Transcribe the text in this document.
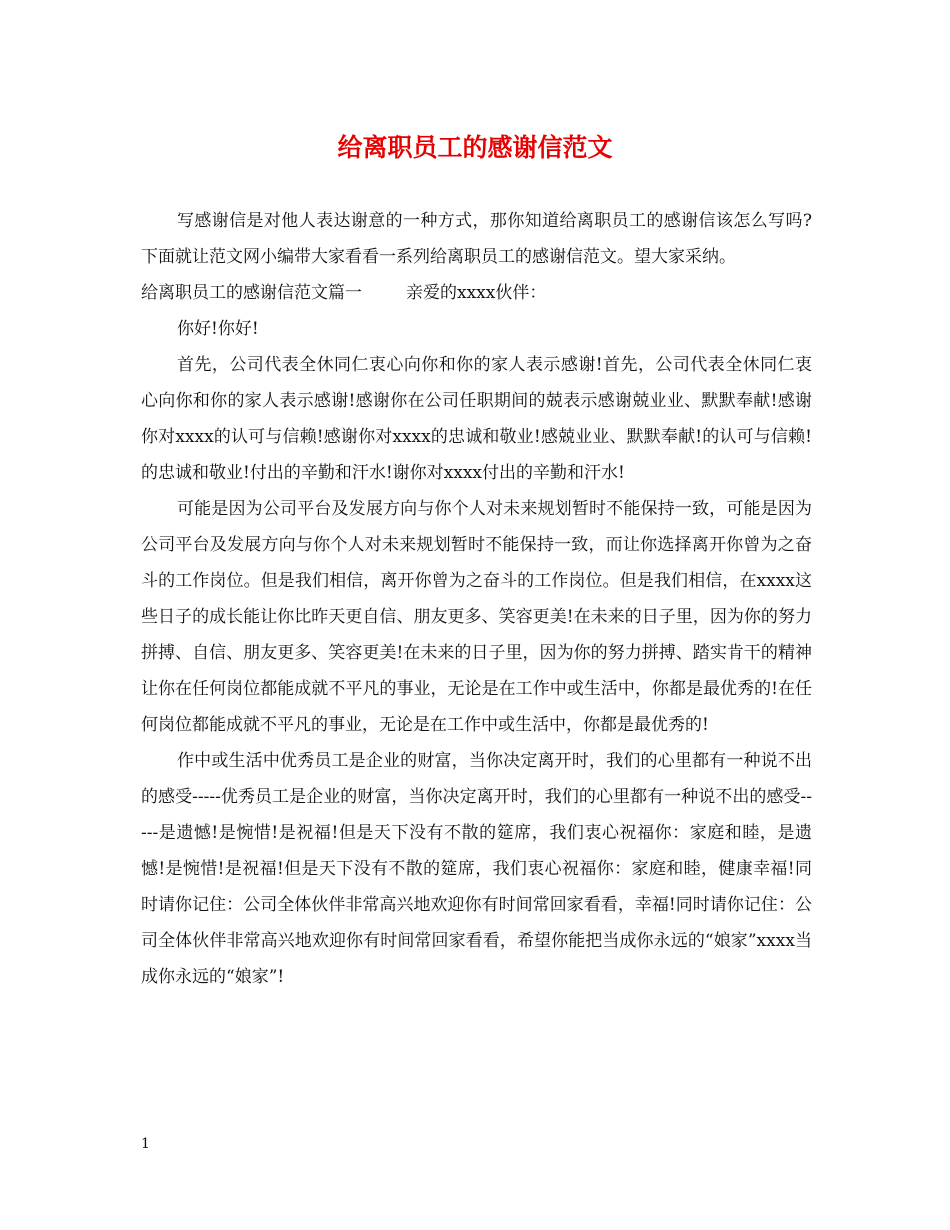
给离职员工的感谢信范文

写感谢信是对他人表达谢意的一种方式，那你知道给离职员工的感谢信该怎么写吗?下面就让范文网小编带大家看看一系列给离职员工的感谢信范文。望大家采纳。

给离职员工的感谢信范文篇一	亲爱的xxxx伙伴：

你好!你好!

首先，公司代表全休同仁衷心向你和你的家人表示感谢!首先，公司代表全休同仁衷心向你和你的家人表示感谢!感谢你在公司任职期间的兢表示感谢兢业业、默默奉献!感谢你对xxxx的认可与信赖!感谢你对xxxx的忠诚和敬业!感兢业业、默默奉献!的认可与信赖!的忠诚和敬业!付出的辛勤和汗水!谢你对xxxx付出的辛勤和汗水!

可能是因为公司平台及发展方向与你个人对未来规划暂时不能保持一致，可能是因为公司平台及发展方向与你个人对未来规划暂时不能保持一致，而让你选择离开你曾为之奋斗的工作岗位。但是我们相信，离开你曾为之奋斗的工作岗位。但是我们相信，在xxxx这些日子的成长能让你比昨天更自信、朋友更多、笑容更美!在未来的日子里，因为你的努力拼搏、自信、朋友更多、笑容更美!在未来的日子里，因为你的努力拼搏、踏实肯干的精神让你在任何岗位都能成就不平凡的事业，无论是在工作中或生活中，你都是最优秀的!在任何岗位都能成就不平凡的事业，无论是在工作中或生活中，你都是最优秀的!

作中或生活中优秀员工是企业的财富，当你决定离开时，我们的心里都有一种说不出的感受-----优秀员工是企业的财富，当你决定离开时，我们的心里都有一种说不出的感受-----是遗憾!是惋惜!是祝福!但是天下没有不散的筵席，我们衷心祝福你：家庭和睦，是遗憾!是惋惜!是祝福!但是天下没有不散的筵席，我们衷心祝福你：家庭和睦，健康幸福!同时请你记住：公司全体伙伴非常高兴地欢迎你有时间常回家看看，幸福!同时请你记住：公司全体伙伴非常高兴地欢迎你有时间常回家看看，希望你能把当成你永远的“娘家”xxxx当成你永远的“娘家”!

1
